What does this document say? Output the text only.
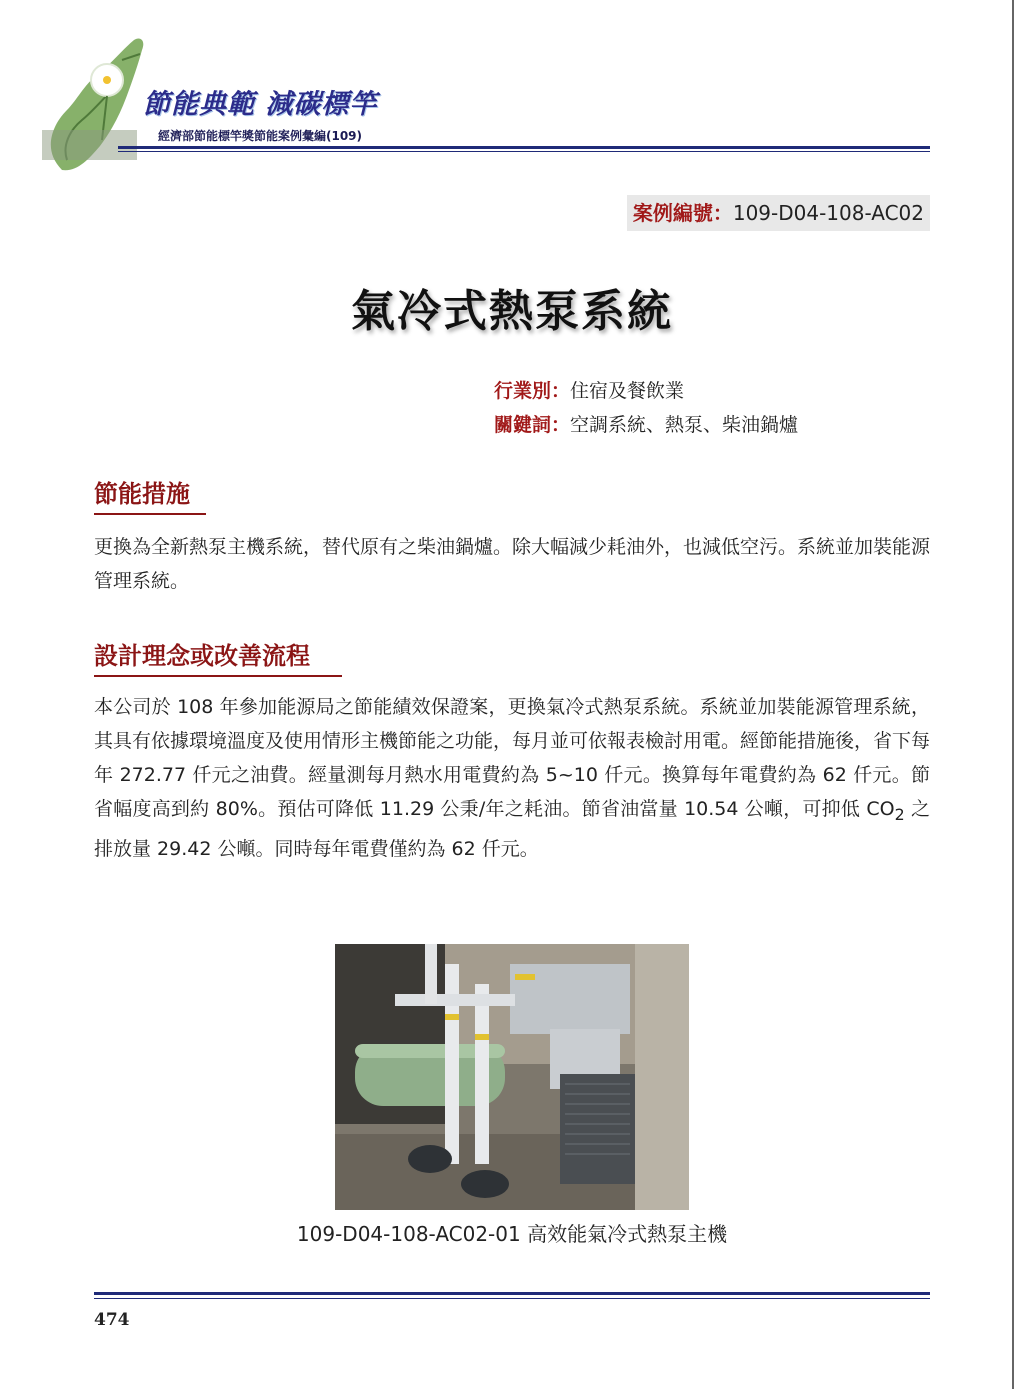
節能典範 減碳標竿
經濟部節能標竿獎節能案例彙編(109)
案例編號：109-D04-108-AC02
氣冷式熱泵系統
行業別：住宿及餐飲業
關鍵詞：空調系統、熱泵、柴油鍋爐
節能措施

更換為全新熱泵主機系統，替代原有之柴油鍋爐。除大幅減少耗油外，也減低空污。系統並加裝能源管理系統。

設計理念或改善流程

本公司於 108 年參加能源局之節能績效保證案，更換氣冷式熱泵系統。系統並加裝能源管理系統，其具有依據環境溫度及使用情形主機節能之功能，每月並可依報表檢討用電。經節能措施後，省下每年 272.77 仟元之油費。經量測每月熱水用電費約為 5~10 仟元。換算每年電費約為 62 仟元。節省幅度高到約 80%。預估可降低 11.29 公秉/年之耗油。節省油當量 10.54 公噸，可抑低 $CO_2$ 之排放量 29.42 公噸。同時每年電費僅約為 62 仟元。

109-D04-108-AC02-01 高效能氣冷式熱泵主機
474
